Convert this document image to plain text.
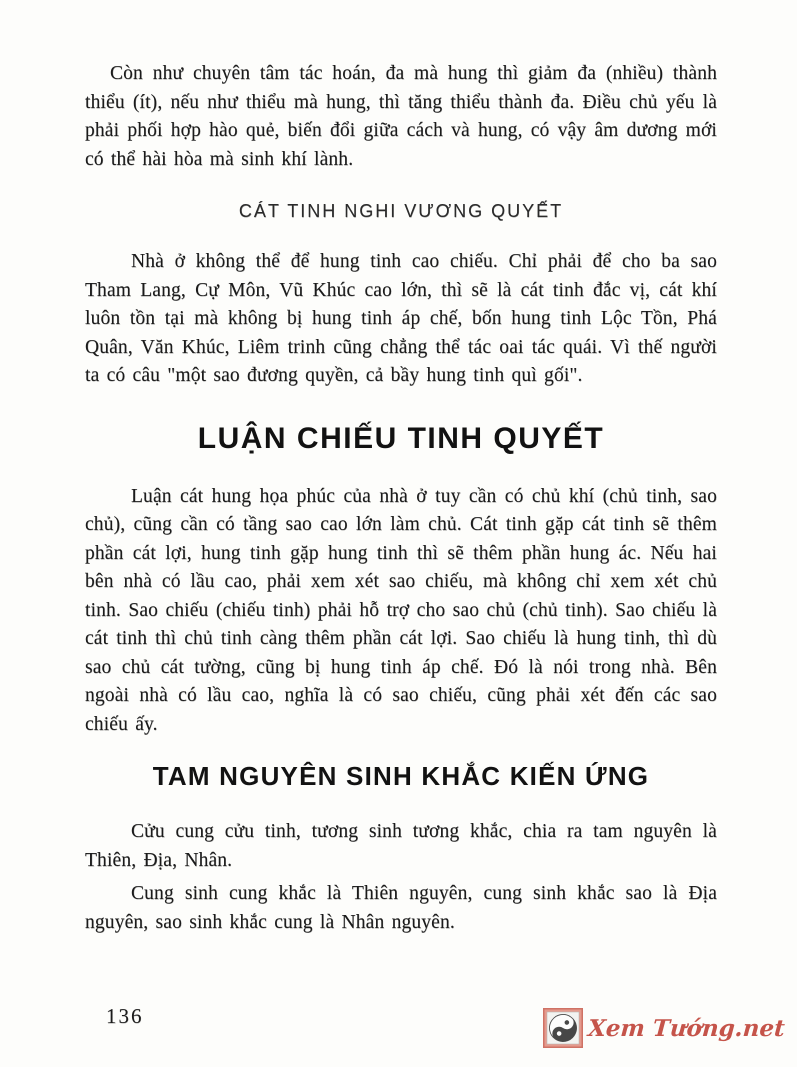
Còn như chuyên tâm tác hoán, đa mà hung thì giảm đa (nhiều) thành thiểu (ít), nếu như thiểu mà hung, thì tăng thiểu thành đa. Điều chủ yếu là phải phối hợp hào quẻ, biến đổi giữa cách và hung, có vậy âm dương mới có thể hài hòa mà sinh khí lành.

CÁT TINH NGHI VƯƠNG QUYẾT

Nhà ở không thể để hung tinh cao chiếu. Chỉ phải để cho ba sao Tham Lang, Cự Môn, Vũ Khúc cao lớn, thì sẽ là cát tinh đắc vị, cát khí luôn tồn tại mà không bị hung tinh áp chế, bốn hung tinh Lộc Tồn, Phá Quân, Văn Khúc, Liêm trinh cũng chẳng thể tác oai tác quái. Vì thế người ta có câu "một sao đương quyền, cả bầy hung tinh quì gối".

LUẬN CHIẾU TINH QUYẾT

Luận cát hung họa phúc của nhà ở tuy cần có chủ khí (chủ tinh, sao chủ), cũng cần có tầng sao cao lớn làm chủ. Cát tinh gặp cát tinh sẽ thêm phần cát lợi, hung tinh gặp hung tinh thì sẽ thêm phần hung ác. Nếu hai bên nhà có lầu cao, phải xem xét sao chiếu, mà không chỉ xem xét chủ tinh. Sao chiếu (chiếu tinh) phải hỗ trợ cho sao chủ (chủ tinh). Sao chiếu là cát tinh thì chủ tinh càng thêm phần cát lợi. Sao chiếu là hung tinh, thì dù sao chủ cát tường, cũng bị hung tinh áp chế. Đó là nói trong nhà. Bên ngoài nhà có lầu cao, nghĩa là có sao chiếu, cũng phải xét đến các sao chiếu ấy.

TAM NGUYÊN SINH KHẮC KIẾN ỨNG

Cửu cung cửu tinh, tương sinh tương khắc, chia ra tam nguyên là Thiên, Địa, Nhân.

Cung sinh cung khắc là Thiên nguyên, cung sinh khắc sao là Địa nguyên, sao sinh khắc cung là Nhân nguyên.

136	Xem Tướng.net
